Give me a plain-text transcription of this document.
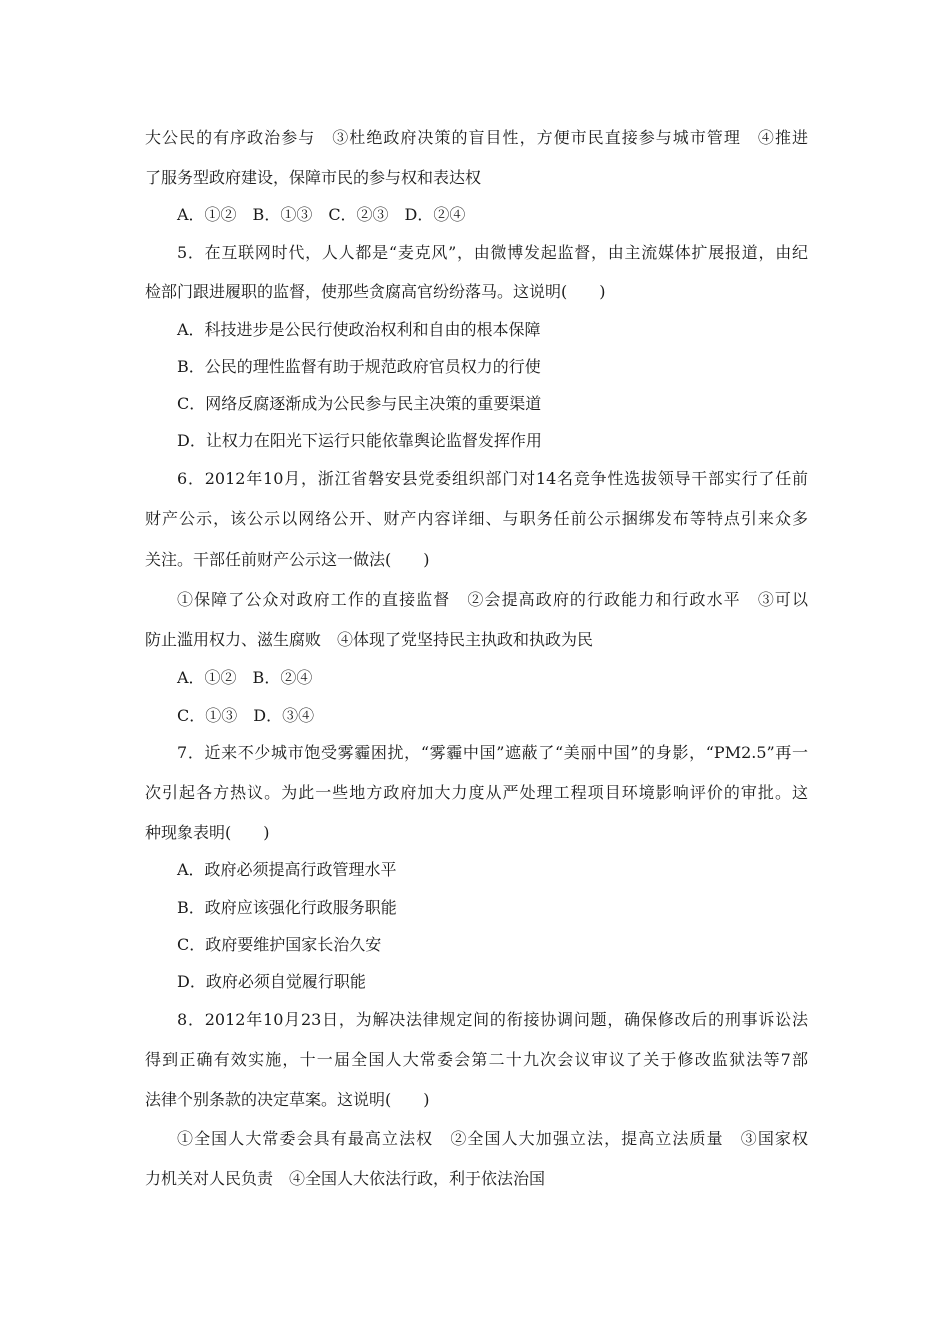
大公民的有序政治参与　③杜绝政府决策的盲目性，方便市民直接参与城市管理　④推进
了服务型政府建设，保障市民的参与权和表达权
A．①②　B．①③　C．②③　D．②④
5．在互联网时代，人人都是“麦克风”，由微博发起监督，由主流媒体扩展报道，由纪
检部门跟进履职的监督，使那些贪腐高官纷纷落马。这说明(　　)
A．科技进步是公民行使政治权利和自由的根本保障
B．公民的理性监督有助于规范政府官员权力的行使
C．网络反腐逐渐成为公民参与民主决策的重要渠道
D．让权力在阳光下运行只能依靠舆论监督发挥作用
6．2012年10月，浙江省磐安县党委组织部门对14名竞争性选拔领导干部实行了任前
财产公示，该公示以网络公开、财产内容详细、与职务任前公示捆绑发布等特点引来众多
关注。干部任前财产公示这一做法(　　)
①保障了公众对政府工作的直接监督　②会提高政府的行政能力和行政水平　③可以
防止滥用权力、滋生腐败　④体现了党坚持民主执政和执政为民
A．①②　B．②④
C．①③　D．③④
7．近来不少城市饱受雾霾困扰，“雾霾中国”遮蔽了“美丽中国”的身影，“PM2.5”再一
次引起各方热议。为此一些地方政府加大力度从严处理工程项目环境影响评价的审批。这
种现象表明(　　)
A．政府必须提高行政管理水平
B．政府应该强化行政服务职能
C．政府要维护国家长治久安
D．政府必须自觉履行职能
8．2012年10月23日，为解决法律规定间的衔接协调问题，确保修改后的刑事诉讼法
得到正确有效实施，十一届全国人大常委会第二十九次会议审议了关于修改监狱法等7部
法律个别条款的决定草案。这说明(　　)
①全国人大常委会具有最高立法权　②全国人大加强立法，提高立法质量　③国家权
力机关对人民负责　④全国人大依法行政，利于依法治国
